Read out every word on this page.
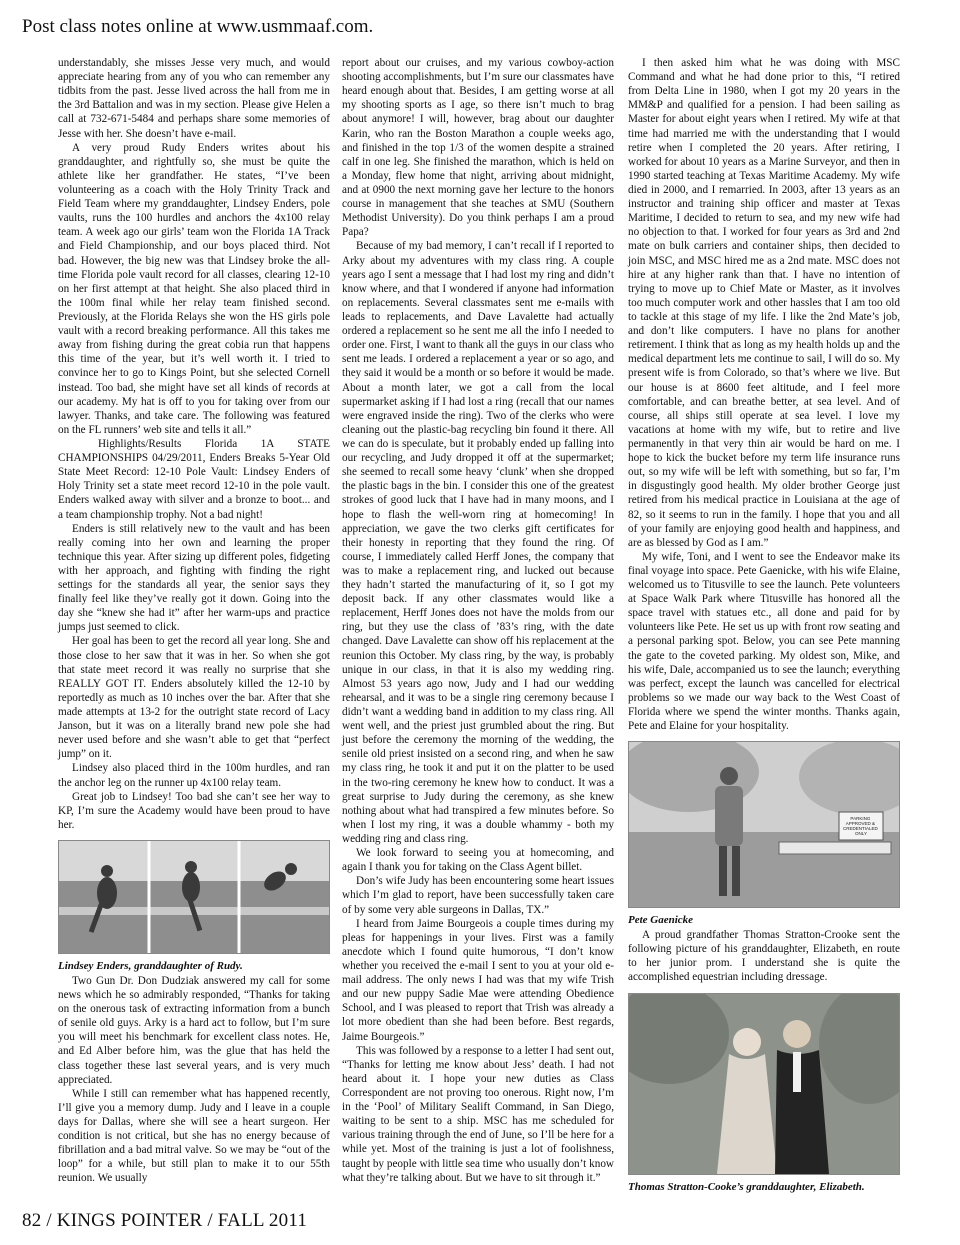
Post class notes online at www.usmmaaf.com.

understandably, she misses Jesse very much, and would appreciate hearing from any of you who can remember any tidbits from the past. Jesse lived across the hall from me in the 3rd Battalion and was in my section. Please give Helen a call at 732-671-5484 and perhaps share some memories of Jesse with her. She doesn’t have e-mail.

A very proud Rudy Enders writes about his granddaughter, and rightfully so, she must be quite the athlete like her grandfather. He states, “I’ve been volunteering as a coach with the Holy Trinity Track and Field Team where my granddaughter, Lindsey Enders, pole vaults, runs the 100 hurdles and anchors the 4x100 relay team. A week ago our girls’ team won the Florida 1A Track and Field Championship, and our boys placed third. Not bad. However, the big new was that Lindsey broke the all-time Florida pole vault record for all classes, clearing 12-10 on her first attempt at that height. She also placed third in the 100m final while her relay team finished second. Previously, at the Florida Relays she won the HS girls pole vault with a record breaking performance. All this takes me away from fishing during the great cobia run that happens this time of the year, but it’s well worth it. I tried to convince her to go to Kings Point, but she selected Cornell instead. Too bad, she might have set all kinds of records at our academy. My hat is off to you for taking over from our lawyer. Thanks, and take care. The following was featured on the FL runners’ web site and tells it all.”

Highlights/Results Florida 1A STATE CHAMPIONSHIPS 04/29/2011, Enders Breaks 5-Year Old State Meet Record: 12-10 Pole Vault: Lindsey Enders of Holy Trinity set a state meet record 12-10 in the pole vault. Enders walked away with silver and a bronze to boot... and a team championship trophy. Not a bad night!

Enders is still relatively new to the vault and has been really coming into her own and learning the proper technique this year. After sizing up different poles, fidgeting with her approach, and fighting with finding the right settings for the standards all year, the senior says they finally feel like they’ve really got it down. Going into the day she “knew she had it” after her warm-ups and practice jumps just seemed to click.

Her goal has been to get the record all year long. She and those close to her saw that it was in her. So when she got that state meet record it was really no surprise that she REALLY GOT IT. Enders absolutely killed the 12-10 by reportedly as much as 10 inches over the bar. After that she made attempts at 13-2 for the outright state record of Lacy Janson, but it was on a literally brand new pole she had never used before and she wasn’t able to get that “perfect jump” on it.

Lindsey also placed third in the 100m hurdles, and ran the anchor leg on the runner up 4x100 relay team.

Great job to Lindsey! Too bad she can’t see her way to KP, I’m sure the Academy would have been proud to have her.

Lindsey Enders, granddaughter of Rudy.

Two Gun Dr. Don Dudziak answered my call for some news which he so admirably responded, “Thanks for taking on the onerous task of extracting information from a bunch of senile old guys. Arky is a hard act to follow, but I’m sure you will meet his benchmark for excellent class notes. He, and Ed Alber before him, was the glue that has held the class together these last several years, and is very much appreciated.

While I still can remember what has happened recently, I’ll give you a memory dump. Judy and I leave in a couple days for Dallas, where she will see a heart surgeon. Her condition is not critical, but she has no energy because of fibrillation and a bad mitral valve. So we may be “out of the loop” for a while, but still plan to make it to our 55th reunion. We usually

report about our cruises, and my various cowboy-action shooting accomplishments, but I’m sure our classmates have heard enough about that. Besides, I am getting worse at all my shooting sports as I age, so there isn’t much to brag about anymore! I will, however, brag about our daughter Karin, who ran the Boston Marathon a couple weeks ago, and finished in the top 1/3 of the women despite a strained calf in one leg. She finished the marathon, which is held on a Monday, flew home that night, arriving about midnight, and at 0900 the next morning gave her lecture to the honors course in management that she teaches at SMU (Southern Methodist University). Do you think perhaps I am a proud Papa?

Because of my bad memory, I can’t recall if I reported to Arky about my adventures with my class ring. A couple years ago I sent a message that I had lost my ring and didn’t know where, and that I wondered if anyone had information on replacements. Several classmates sent me e-mails with leads to replacements, and Dave Lavalette had actually ordered a replacement so he sent me all the info I needed to order one. First, I want to thank all the guys in our class who sent me leads. I ordered a replacement a year or so ago, and they said it would be a month or so before it would be made. About a month later, we got a call from the local supermarket asking if I had lost a ring (recall that our names were engraved inside the ring). Two of the clerks who were cleaning out the plastic-bag recycling bin found it there. All we can do is speculate, but it probably ended up falling into our recycling, and Judy dropped it off at the supermarket; she seemed to recall some heavy ‘clunk’ when she dropped the plastic bags in the bin. I consider this one of the greatest strokes of good luck that I have had in many moons, and I hope to flash the well-worn ring at homecoming! In appreciation, we gave the two clerks gift certificates for their honesty in reporting that they found the ring. Of course, I immediately called Herff Jones, the company that was to make a replacement ring, and lucked out because they hadn’t started the manufacturing of it, so I got my deposit back. If any other classmates would like a replacement, Herff Jones does not have the molds from our ring, but they use the class of ’83’s ring, with the date changed. Dave Lavalette can show off his replacement at the reunion this October. My class ring, by the way, is probably unique in our class, in that it is also my wedding ring. Almost 53 years ago now, Judy and I had our wedding rehearsal, and it was to be a single ring ceremony because I didn’t want a wedding band in addition to my class ring. All went well, and the priest just grumbled about the ring. But just before the ceremony the morning of the wedding, the senile old priest insisted on a second ring, and when he saw my class ring, he took it and put it on the platter to be used in the two-ring ceremony he knew how to conduct. It was a great surprise to Judy during the ceremony, as she knew nothing about what had transpired a few minutes before. So when I lost my ring, it was a double whammy - both my wedding ring and class ring.

We look forward to seeing you at homecoming, and again I thank you for taking on the Class Agent billet.

Don’s wife Judy has been encountering some heart issues which I’m glad to report, have been successfully taken care of by some very able surgeons in Dallas, TX.”

I heard from Jaime Bourgeois a couple times during my pleas for happenings in your lives. First was a family anecdote which I found quite humorous, “I don’t know whether you received the e-mail I sent to you at your old e-mail address. The only news I had was that my wife Trish and our new puppy Sadie Mae were attending Obedience School, and I was pleased to report that Trish was already a lot more obedient than she had been before. Best regards, Jaime Bourgeois.”

This was followed by a response to a letter I had sent out, “Thanks for letting me know about Jess’ death. I had not heard about it. I hope your new duties as Class Correspondent are not proving too onerous. Right now, I’m in the ‘Pool’ of Military Sealift Command, in San Diego, waiting to be sent to a ship. MSC has me scheduled for various training through the end of June, so I’ll be here for a while yet. Most of the training is just a lot of foolishness, taught by people with little sea time who usually don’t know what they’re talking about. But we have to sit through it.”

I then asked him what he was doing with MSC Command and what he had done prior to this, “I retired from Delta Line in 1980, when I got my 20 years in the MM&P and qualified for a pension. I had been sailing as Master for about eight years when I retired. My wife at that time had married me with the understanding that I would retire when I completed the 20 years. After retiring, I worked for about 10 years as a Marine Surveyor, and then in 1990 started teaching at Texas Maritime Academy. My wife died in 2000, and I remarried. In 2003, after 13 years as an instructor and training ship officer and master at Texas Maritime, I decided to return to sea, and my new wife had no objection to that. I worked for four years as 3rd and 2nd mate on bulk carriers and container ships, then decided to join MSC, and MSC hired me as a 2nd mate. MSC does not hire at any higher rank than that. I have no intention of trying to move up to Chief Mate or Master, as it involves too much computer work and other hassles that I am too old to tackle at this stage of my life. I like the 2nd Mate’s job, and don’t like computers. I have no plans for another retirement. I think that as long as my health holds up and the medical department lets me continue to sail, I will do so. My present wife is from Colorado, so that’s where we live. But our house is at 8600 feet altitude, and I feel more comfortable, and can breathe better, at sea level. And of course, all ships still operate at sea level. I love my vacations at home with my wife, but to retire and live permanently in that very thin air would be hard on me. I hope to kick the bucket before my term life insurance runs out, so my wife will be left with something, but so far, I’m in disgustingly good health. My older brother George just retired from his medical practice in Louisiana at the age of 82, so it seems to run in the family. I hope that you and all of your family are enjoying good health and happiness, and are as blessed by God as I am.”

My wife, Toni, and I went to see the Endeavor make its final voyage into space. Pete Gaenicke, with his wife Elaine, welcomed us to Titusville to see the launch. Pete volunteers at Space Walk Park where Titusville has honored all the space travel with statues etc., all done and paid for by volunteers like Pete. He set us up with front row seating and a personal parking spot. Below, you can see Pete manning the gate to the coveted parking. My oldest son, Mike, and his wife, Dale, accompanied us to see the launch; everything was perfect, except the launch was cancelled for electrical problems so we made our way back to the West Coast of Florida where we spend the winter months. Thanks again, Pete and Elaine for your hospitality.

PARKING APPROVED & CREDENTIALED ONLY

Pete Gaenicke

A proud grandfather Thomas Stratton-Crooke sent the following picture of his granddaughter, Elizabeth, en route to her junior prom. I understand she is quite the accomplished equestrian including dressage.

Thomas Stratton-Cooke’s granddaughter, Elizabeth.

82 / KINGS POINTER / FALL 2011
